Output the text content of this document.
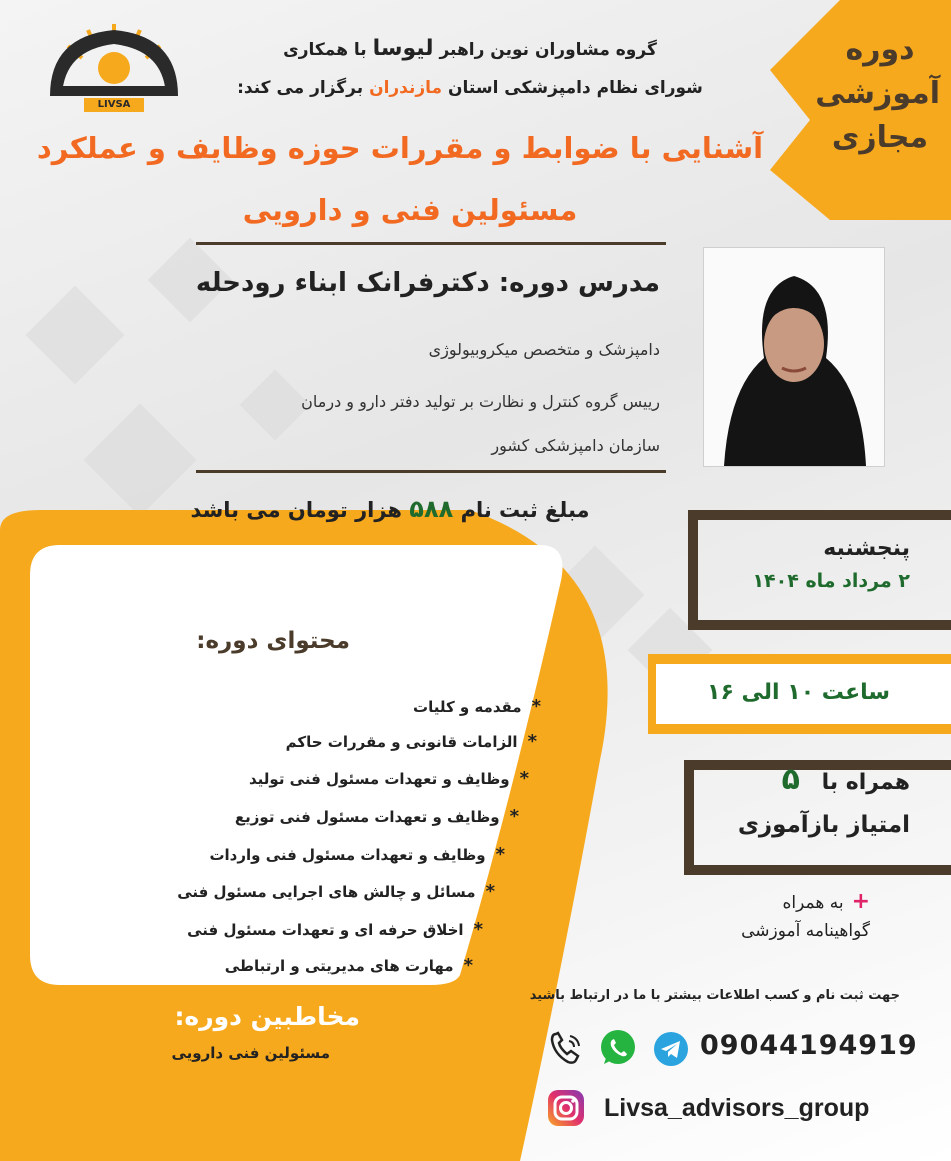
دوره
آموزشی
مجازی
LIVSA
گروه مشاوران نوین راهبر لیوسا با همکاری
شورای نظام دامپزشکی استان مازندران برگزار می کند:
آشنایی با ضوابط و مقررات حوزه وظایف و عملکرد
مسئولین فنی و دارویی
مدرس دوره: دکترفرانک ابناء رودحله
دامپزشک و متخصص میکروبیولوژی
رییس گروه کنترل و نظارت بر تولید دفتر دارو و درمان
سازمان دامپزشکی کشور
مبلغ ثبت نام ۵۸۸ هزار تومان می باشد
پنجشنبه
۲ مرداد ماه ۱۴۰۴
ساعت ۱۰ الی ۱۶
همراه با ۵
امتیاز بازآموزی
+به همراه
گواهینامه آموزشی
محتوای دوره:
*مقدمه و کلیات
*الزامات قانونی و مقررات حاکم
*وظایف و تعهدات مسئول فنی تولید
*وظایف و تعهدات مسئول فنی توزیع
*وظایف و تعهدات مسئول فنی واردات
*مسائل و چالش های اجرایی مسئول فنی
*اخلاق حرفه ای و تعهدات مسئول فنی
*مهارت های مدیریتی و ارتباطی
مخاطبین دوره:
مسئولین فنی دارویی
جهت ثبت نام و کسب اطلاعات بیشتر با ما در ارتباط باشید
09044194919
Livsa_advisors_group
